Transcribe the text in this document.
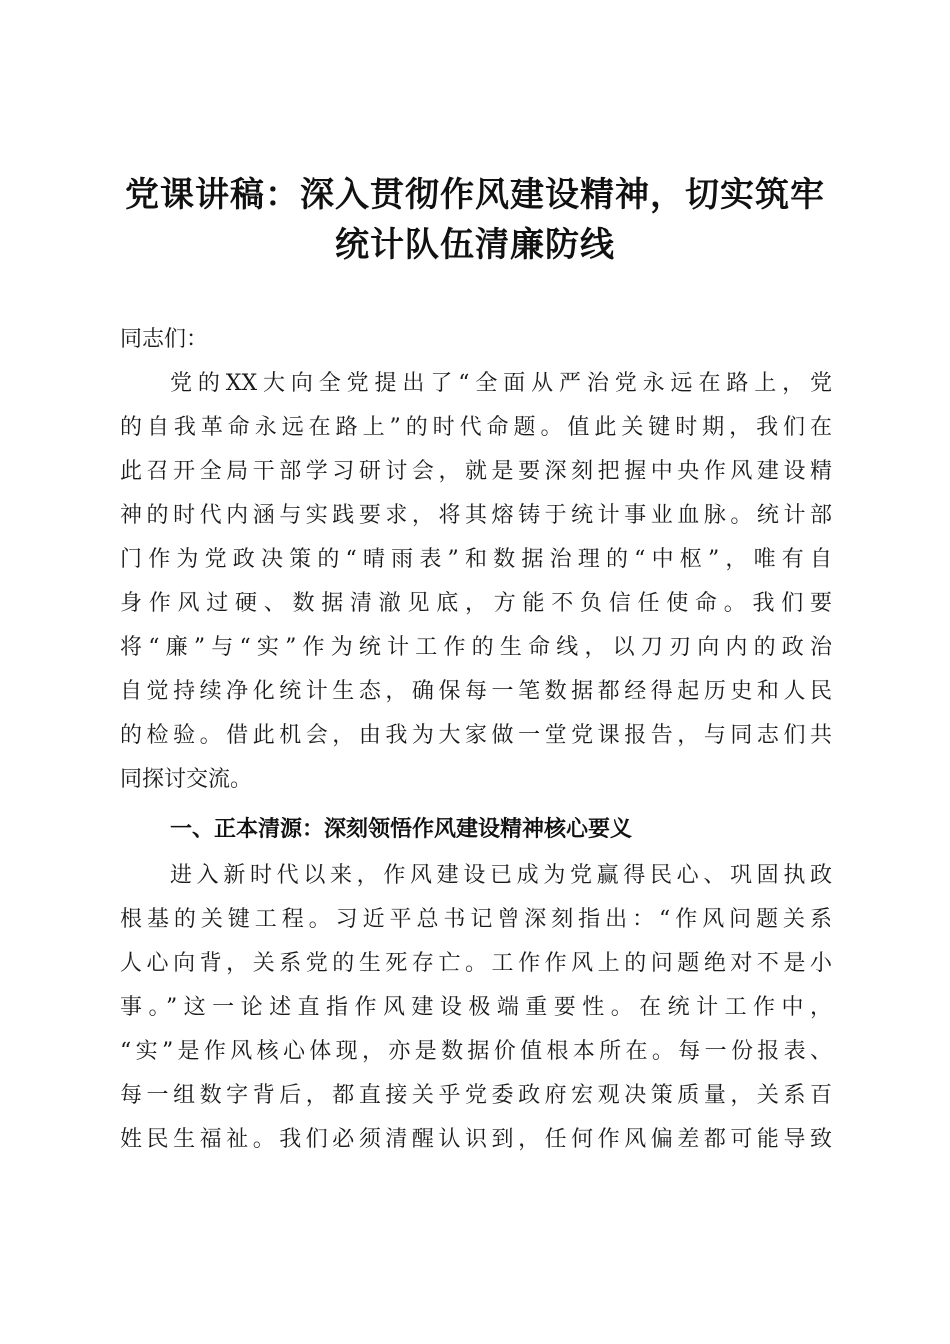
党课讲稿：深入贯彻作风建设精神，切实筑牢
统计队伍清廉防线
同志们：
党的XX大向全党提出了“全面从严治党永远在路上，党
的自我革命永远在路上”的时代命题。值此关键时期，我们在
此召开全局干部学习研讨会，就是要深刻把握中央作风建设精
神的时代内涵与实践要求，将其熔铸于统计事业血脉。统计部
门作为党政决策的“晴雨表”和数据治理的“中枢”，唯有自
身作风过硬、数据清澈见底，方能不负信任使命。我们要
将“廉”与“实”作为统计工作的生命线，以刀刃向内的政治
自觉持续净化统计生态，确保每一笔数据都经得起历史和人民
的检验。借此机会，由我为大家做一堂党课报告，与同志们共
同探讨交流。
一、正本清源：深刻领悟作风建设精神核心要义
进入新时代以来，作风建设已成为党赢得民心、巩固执政
根基的关键工程。习近平总书记曾深刻指出：“作风问题关系
人心向背，关系党的生死存亡。工作作风上的问题绝对不是小
事。”这一论述直指作风建设极端重要性。在统计工作中，
“实”是作风核心体现，亦是数据价值根本所在。每一份报表、
每一组数字背后，都直接关乎党委政府宏观决策质量，关系百
姓民生福祉。我们必须清醒认识到，任何作风偏差都可能导致
